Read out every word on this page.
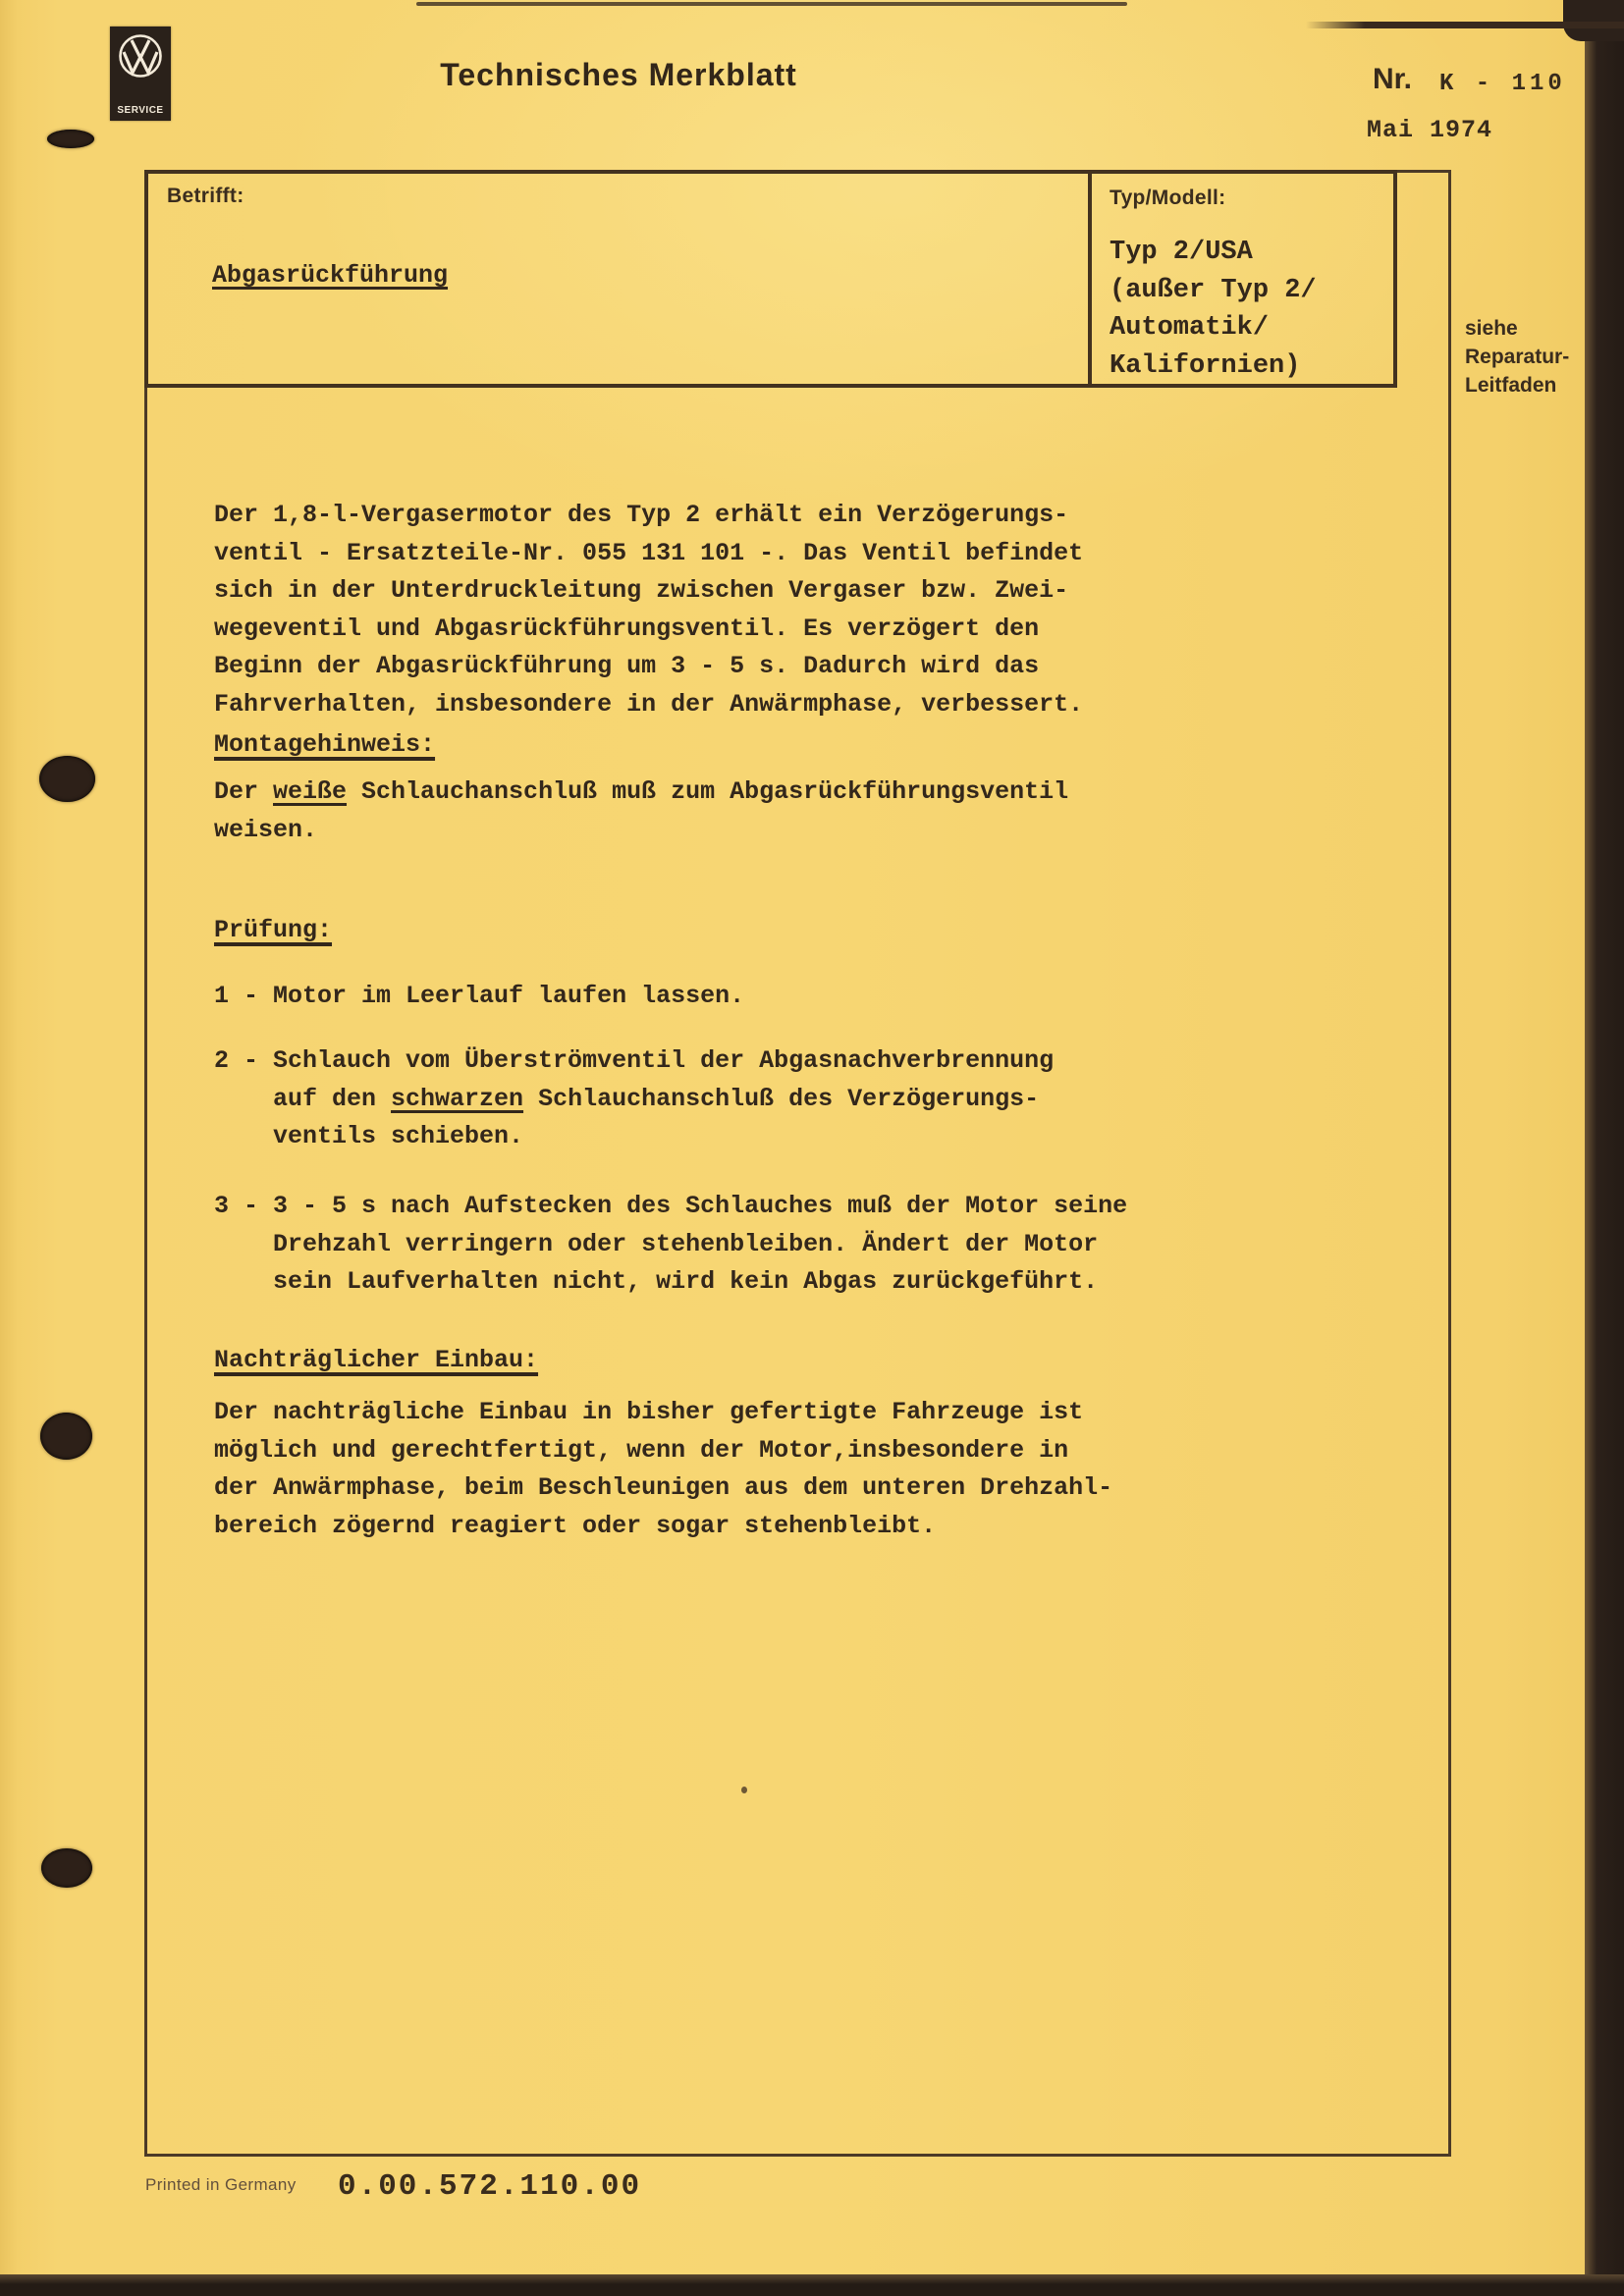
SERVICE
Technisches Merkblatt	Nr. K - 110
Mai 1974
Betrifft:
Abgasrückführung
Typ/Modell:
Typ 2/USA
(außer Typ 2/
Automatik/
Kalifornien)
siehe
Reparatur-
Leitfaden
Der 1,8-l-Vergasermotor des Typ 2 erhält ein Verzögerungs-
ventil - Ersatzteile-Nr. 055 131 101 -. Das Ventil befindet
sich in der Unterdruckleitung zwischen Vergaser bzw. Zwei-
wegeventil und Abgasrückführungsventil. Es verzögert den
Beginn der Abgasrückführung um 3 - 5 s. Dadurch wird das
Fahrverhalten, insbesondere in der Anwärmphase, verbessert.
Montagehinweis:
Der weiße Schlauchanschluß muß zum Abgasrückführungsventil
weisen.
Prüfung:
1 - Motor im Leerlauf laufen lassen.
2 - Schlauch vom Überströmventil der Abgasnachverbrennung
auf den schwarzen Schlauchanschluß des Verzögerungs-
ventils schieben.
3 - 3 - 5 s nach Aufstecken des Schlauches muß der Motor seine
Drehzahl verringern oder stehenbleiben. Ändert der Motor
sein Laufverhalten nicht, wird kein Abgas zurückgeführt.
Nachträglicher Einbau:
Der nachträgliche Einbau in bisher gefertigte Fahrzeuge ist
möglich und gerechtfertigt, wenn der Motor,insbesondere in
der Anwärmphase, beim Beschleunigen aus dem unteren Drehzahl-
bereich zögernd reagiert oder sogar stehenbleibt.
Printed in Germany 0.00.572.110.00
